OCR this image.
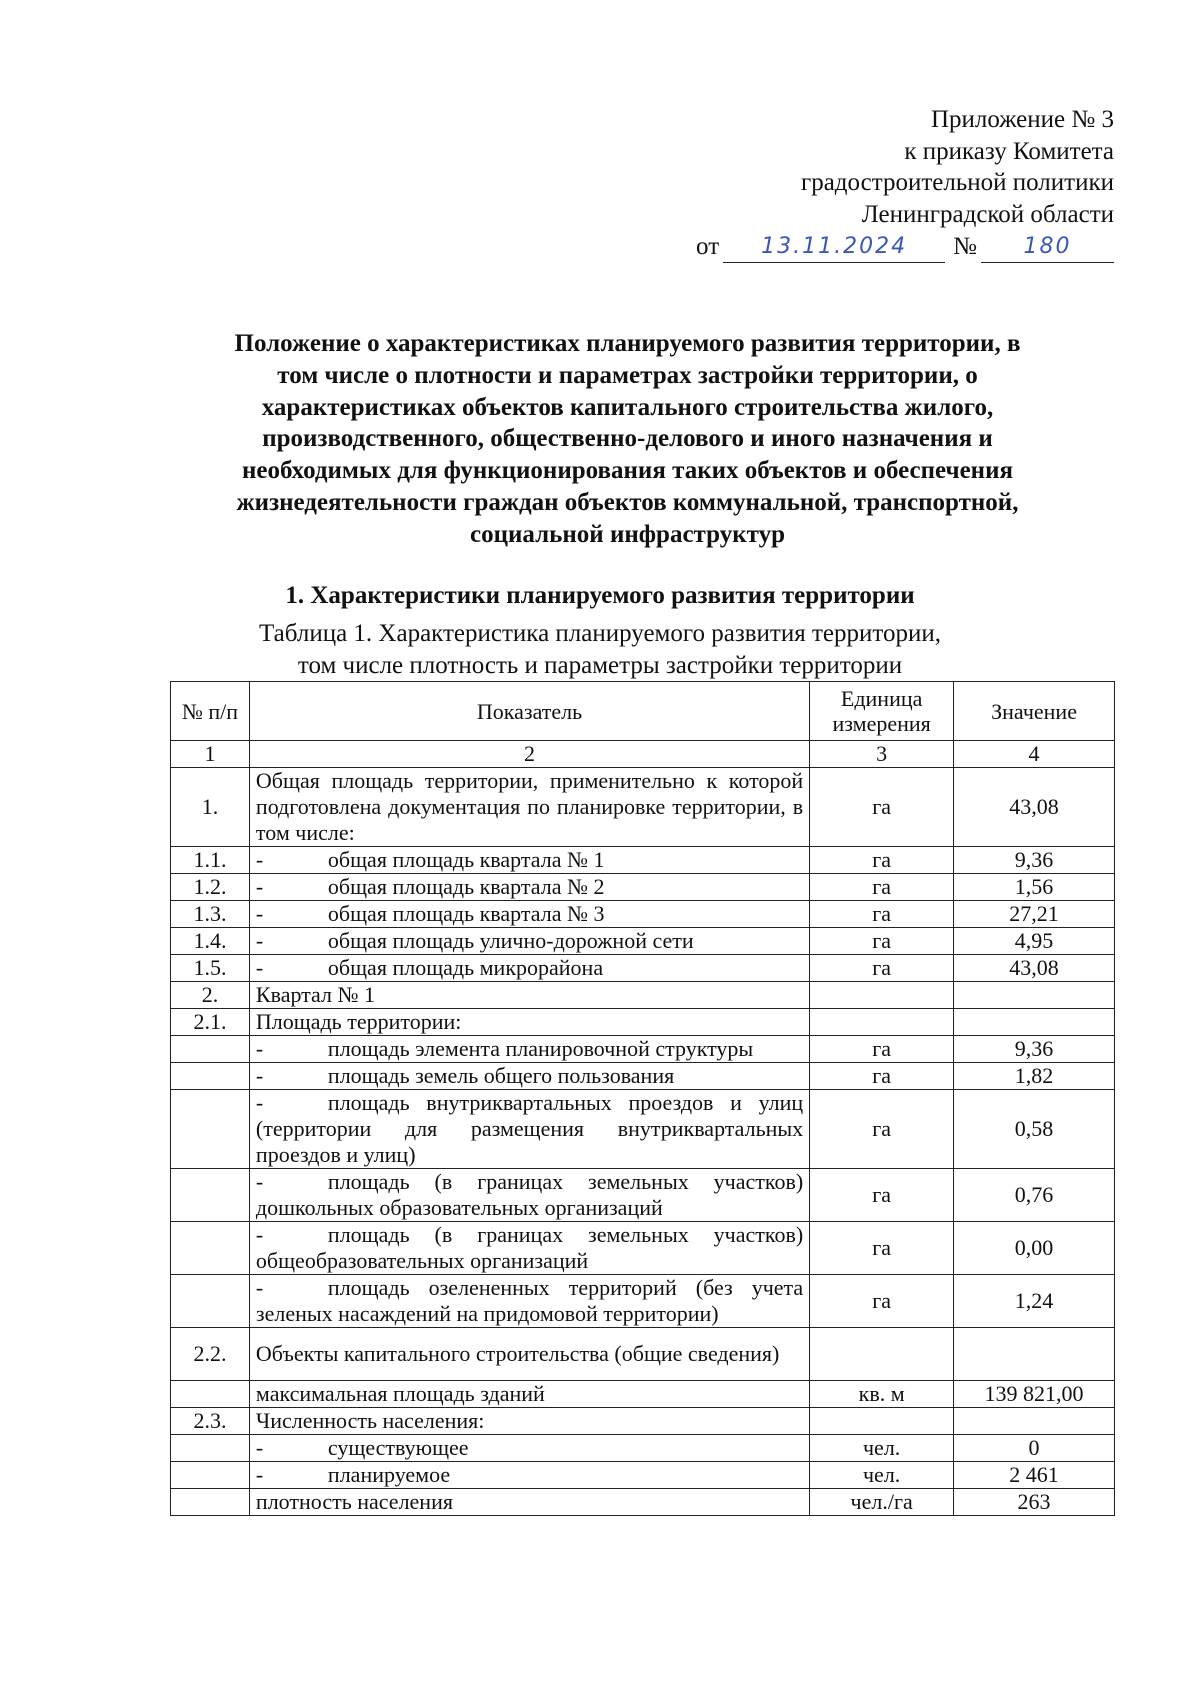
Приложение № 3
к приказу Комитета
градостроительной политики
Ленинградской области
от	13.11.2024	№	180
Положение о характеристиках планируемого развития территории, в
том числе о плотности и параметрах застройки территории, о
характеристиках объектов капитального строительства жилого,
производственного, общественно-делового и иного назначения и
необходимых для функционирования таких объектов и обеспечения
жизнедеятельности граждан объектов коммунальной, транспортной,
социальной инфраструктур
1. Характеристики планируемого развития территории
Таблица 1. Характеристика планируемого развития территории,
том числе плотность и параметры застройки территории
№ п/п	Показатель	Единица измерения	Значение
1	2	3	4
1.	Общая площадь территории, применительно к которой подготовлена документация по планировке территории, в том числе:	га	43,08
1.1.	- общая площадь квартала № 1	га	9,36
1.2.	- общая площадь квартала № 2	га	1,56
1.3.	- общая площадь квартала № 3	га	27,21
1.4.	- общая площадь улично-дорожной сети	га	4,95
1.5.	- общая площадь микрорайона	га	43,08
2.	Квартал № 1		
2.1.	Площадь территории:		
	- площадь элемента планировочной структуры	га	9,36
	- площадь земель общего пользования	га	1,82
	- площадь внутриквартальных проездов и улиц (территории для размещения внутриквартальных проездов и улиц)	га	0,58
	- площадь (в границах земельных участков) дошкольных образовательных организаций	га	0,76
	- площадь (в границах земельных участков) общеобразовательных организаций	га	0,00
	- площадь озелененных территорий (без учета зеленых насаждений на придомовой территории)	га	1,24
2.2.	Объекты капитального строительства (общие сведения)		
	максимальная площадь зданий	кв. м	139 821,00
2.3.	Численность населения:		
	- существующее	чел.	0
	- планируемое	чел.	2 461
	плотность населения	чел./га	263
